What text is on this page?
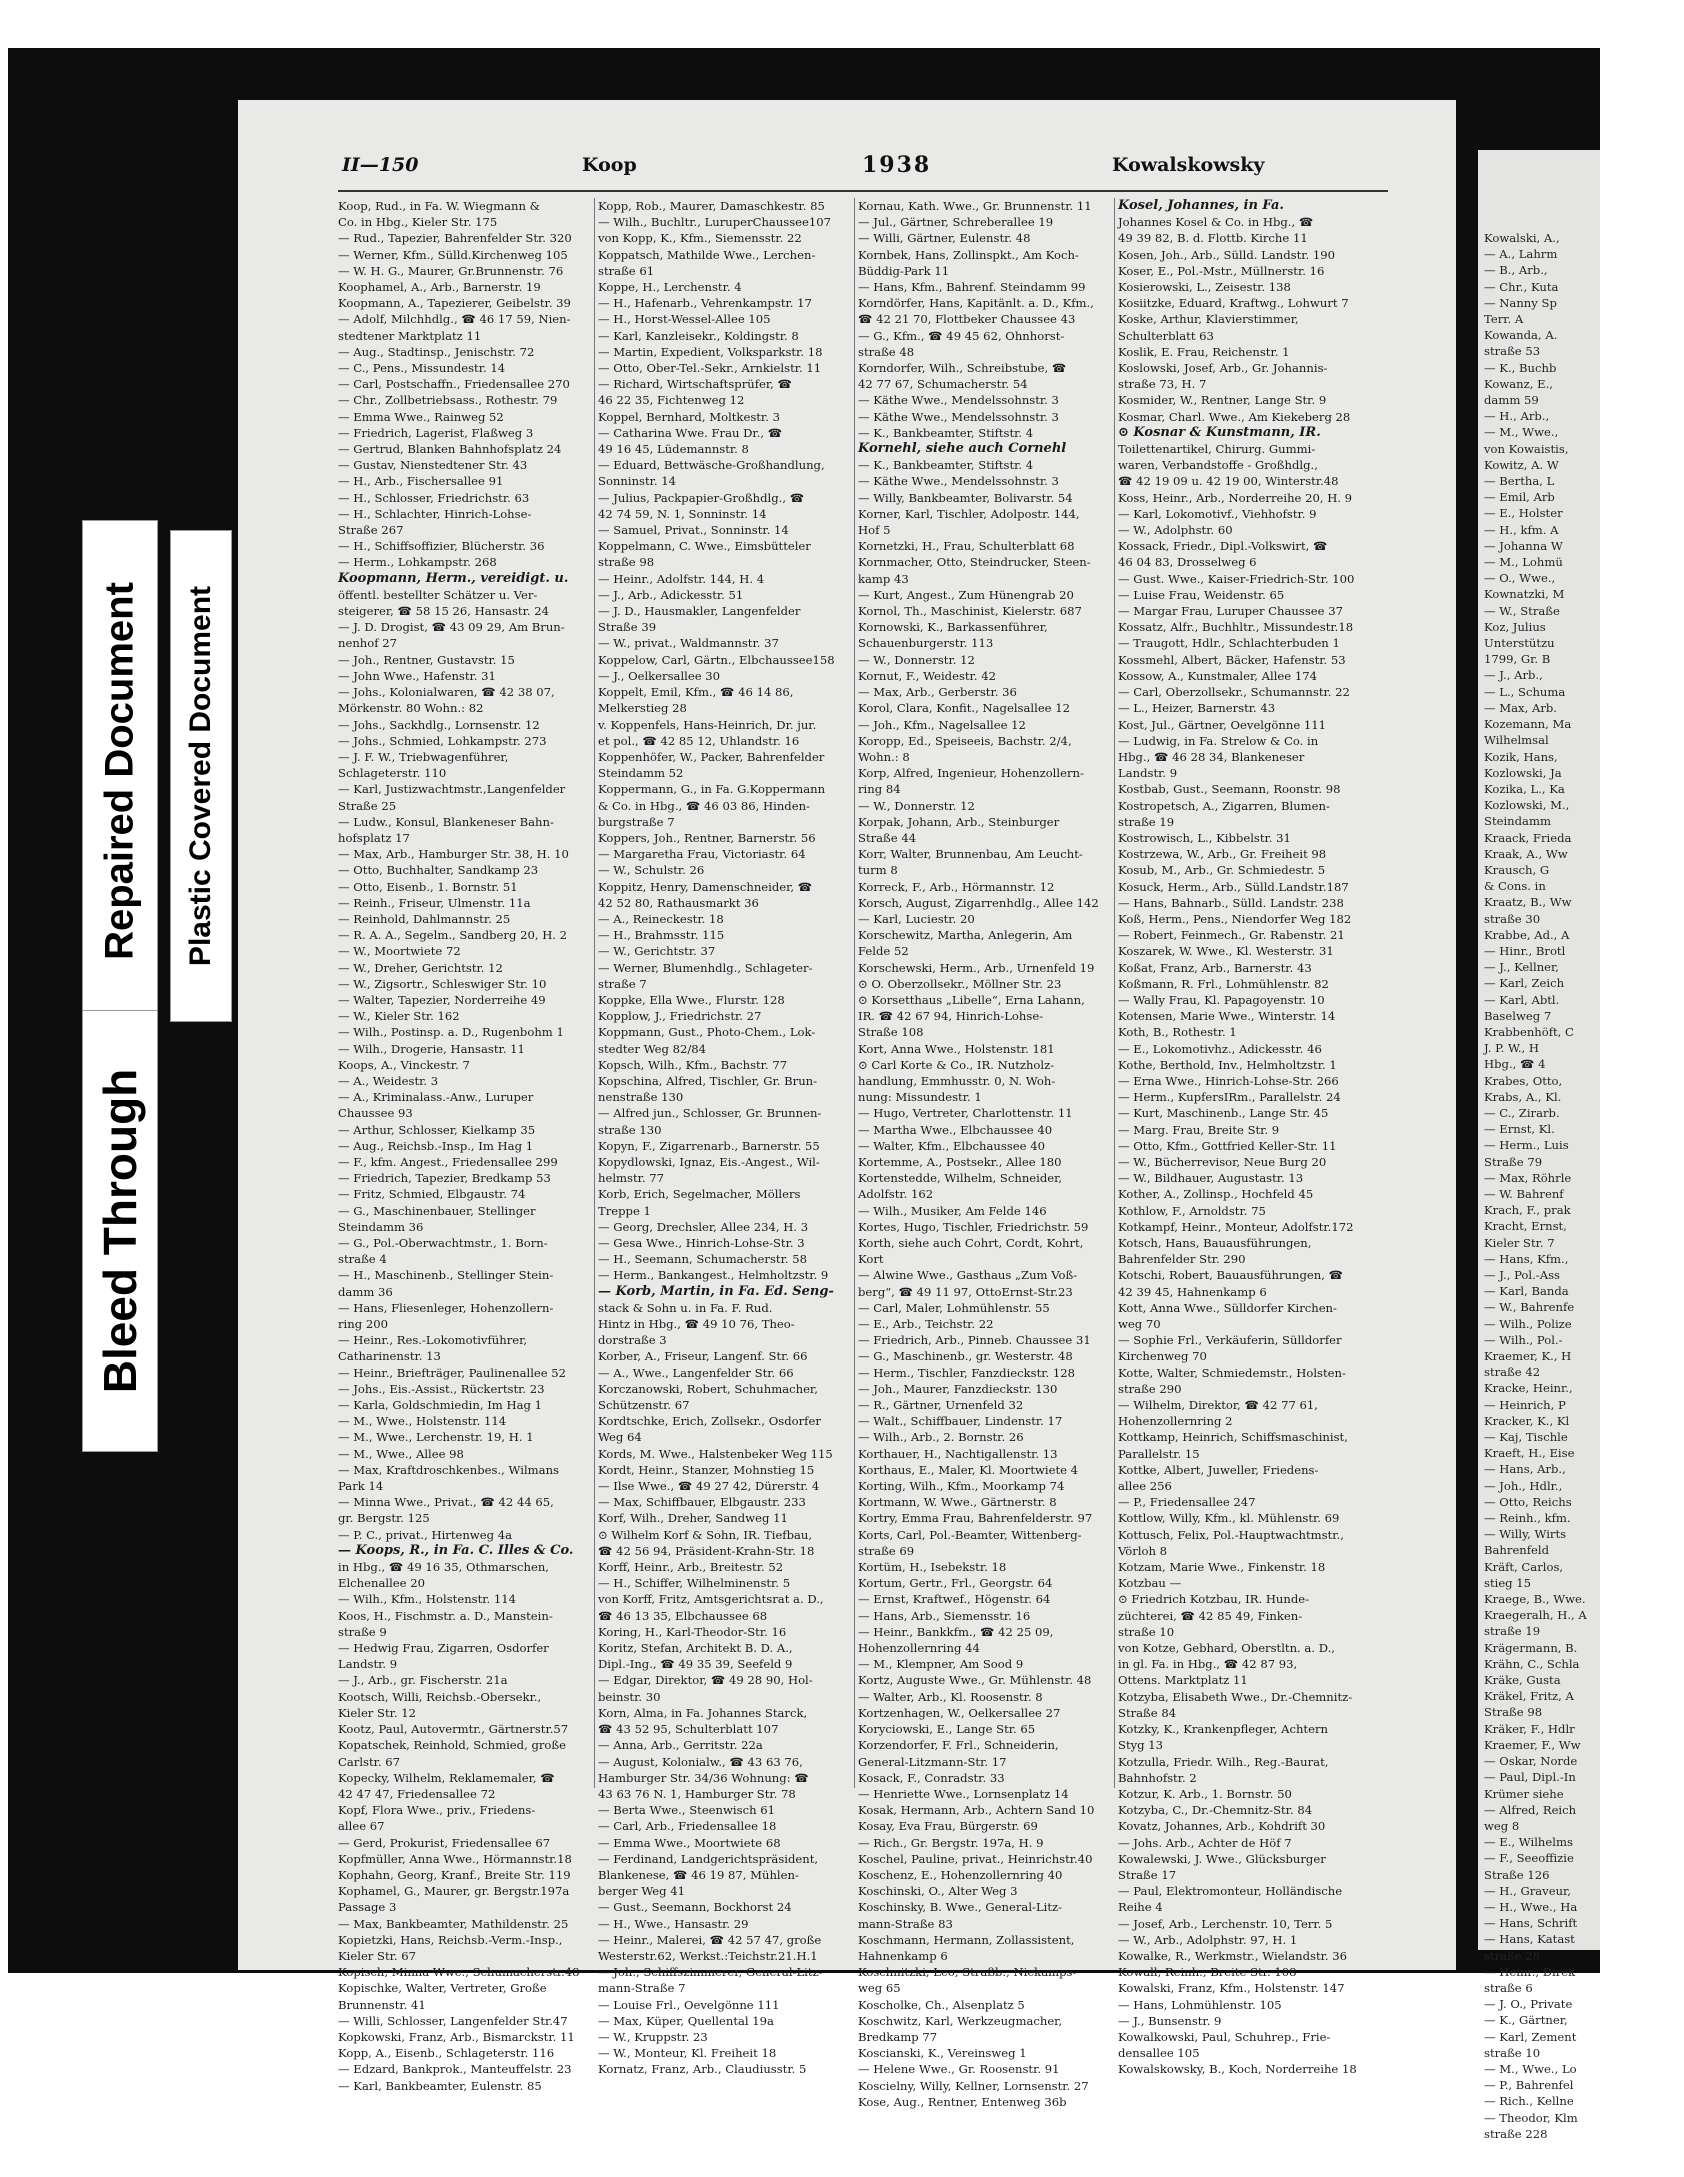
II—150	Koop	1938	Kowalskowsky
Koop, Rud., in Fa. W. Wiegmann &
Co. in Hbg., Kieler Str. 175
— Rud., Tapezier, Bahrenfelder Str. 320
— Werner, Kfm., Sülld.Kirchenweg 105
— W. H. G., Maurer, Gr.Brunnenstr. 76
Koophamel, A., Arb., Barnerstr. 19
Koopmann, A., Tapezierer, Geibelstr. 39
— Adolf, Milchhdlg., ☎ 46 17 59, Nien-
stedtener Marktplatz 11
— Aug., Stadtinsp., Jenischstr. 72
— C., Pens., Missundestr. 14
— Carl, Postschaffn., Friedensallee 270
— Chr., Zollbetriebsass., Rothestr. 79
— Emma Wwe., Rainweg 52
— Friedrich, Lagerist, Flaßweg 3
— Gertrud, Blanken Bahnhofsplatz 24
— Gustav, Nienstedtener Str. 43
— H., Arb., Fischersallee 91
— H., Schlosser, Friedrichstr. 63
— H., Schlachter, Hinrich-Lohse-
Straße 267
— H., Schiffsoffizier, Blücherstr. 36
— Herm., Lohkampstr. 268
Koopmann, Herm., vereidigt. u.
öffentl. bestellter Schätzer u. Ver-
steigerer, ☎ 58 15 26, Hansastr. 24
— J. D. Drogist, ☎ 43 09 29, Am Brun-
nenhof 27
— Joh., Rentner, Gustavstr. 15
— John Wwe., Hafenstr. 31
— Johs., Kolonialwaren, ☎ 42 38 07,
Mörkenstr. 80 Wohn.: 82
— Johs., Sackhdlg., Lornsenstr. 12
— Johs., Schmied, Lohkampstr. 273
— J. F. W., Triebwagenführer,
Schlageterstr. 110
— Karl, Justizwachtmstr.,Langenfelder
Straße 25
— Ludw., Konsul, Blankeneser Bahn-
hofsplatz 17
— Max, Arb., Hamburger Str. 38, H. 10
— Otto, Buchhalter, Sandkamp 23
— Otto, Eisenb., 1. Bornstr. 51
— Reinh., Friseur, Ulmenstr. 11a
— Reinhold, Dahlmannstr. 25
— R. A. A., Segelm., Sandberg 20, H. 2
— W., Moortwiete 72
— W., Dreher, Gerichtstr. 12
— W., Zigsortr., Schleswiger Str. 10
— Walter, Tapezier, Norderreihe 49
— W., Kieler Str. 162
— Wilh., Postinsp. a. D., Rugenbohm 1
— Wilh., Drogerie, Hansastr. 11
Koops, A., Vinckestr. 7
— A., Weidestr. 3
— A., Kriminalass.-Anw., Luruper
Chaussee 93
— Arthur, Schlosser, Kielkamp 35
— Aug., Reichsb.-Insp., Im Hag 1
— F., kfm. Angest., Friedensallee 299
— Friedrich, Tapezier, Bredkamp 53
— Fritz, Schmied, Elbgaustr. 74
— G., Maschinenbauer, Stellinger
Steindamm 36
— G., Pol.-Oberwachtmstr., 1. Born-
straße 4
— H., Maschinenb., Stellinger Stein-
damm 36
— Hans, Fliesenleger, Hohenzollern-
ring 200
— Heinr., Res.-Lokomotivführer,
Catharinenstr. 13
— Heinr., Briefträger, Paulinenallee 52
— Johs., Eis.-Assist., Rückertstr. 23
— Karla, Goldschmiedin, Im Hag 1
— M., Wwe., Holstenstr. 114
— M., Wwe., Lerchenstr. 19, H. 1
— M., Wwe., Allee 98
— Max, Kraftdroschkenbes., Wilmans
Park 14
— Minna Wwe., Privat., ☎ 42 44 65,
gr. Bergstr. 125
— P. C., privat., Hirtenweg 4a
— Koops, R., in Fa. C. Illes & Co.
in Hbg., ☎ 49 16 35, Othmarschen,
Elchenallee 20
— Wilh., Kfm., Holstenstr. 114
Koos, H., Fischmstr. a. D., Manstein-
straße 9
— Hedwig Frau, Zigarren, Osdorfer
Landstr. 9
— J., Arb., gr. Fischerstr. 21a
Kootsch, Willi, Reichsb.-Obersekr.,
Kieler Str. 12
Kootz, Paul, Autovermtr., Gärtnerstr.57
Kopatschek, Reinhold, Schmied, große
Carlstr. 67
Kopecky, Wilhelm, Reklamemaler, ☎
42 47 47, Friedensallee 72
Kopf, Flora Wwe., priv., Friedens-
allee 67
— Gerd, Prokurist, Friedensallee 67
Kopfmüller, Anna Wwe., Hörmannstr.18
Kophahn, Georg, Kranf., Breite Str. 119
Kophamel, G., Maurer, gr. Bergstr.197a
Passage 3
— Max, Bankbeamter, Mathildenstr. 25
Kopietzki, Hans, Reichsb.-Verm.-Insp.,
Kieler Str. 67
Kopisch, Minna Wwe., Schumacherstr.48
Kopischke, Walter, Vertreter, Große
Brunnenstr. 41
— Willi, Schlosser, Langenfelder Str.47
Kopkowski, Franz, Arb., Bismarckstr. 11
Kopp, A., Eisenb., Schlageterstr. 116
— Edzard, Bankprok., Manteuffelstr. 23
— Karl, Bankbeamter, Eulenstr. 85
Kopp, Rob., Maurer, Damaschkestr. 85
— Wilh., Buchltr., LuruperChaussee107
von Kopp, K., Kfm., Siemensstr. 22
Koppatsch, Mathilde Wwe., Lerchen-
straße 61
Koppe, H., Lerchenstr. 4
— H., Hafenarb., Vehrenkampstr. 17
— H., Horst-Wessel-Allee 105
— Karl, Kanzleisekr., Koldingstr. 8
— Martin, Expedient, Volksparkstr. 18
— Otto, Ober-Tel.-Sekr., Arnkielstr. 11
— Richard, Wirtschaftsprüfer, ☎
46 22 35, Fichtenweg 12
Koppel, Bernhard, Moltkestr. 3
— Catharina Wwe. Frau Dr., ☎
49 16 45, Lüdemannstr. 8
— Eduard, Bettwäsche-Großhandlung,
Sonninstr. 14
— Julius, Packpapier-Großhdlg., ☎
42 74 59, N. 1, Sonninstr. 14
— Samuel, Privat., Sonninstr. 14
Koppelmann, C. Wwe., Eimsbütteler
straße 98
— Heinr., Adolfstr. 144, H. 4
— J., Arb., Adickesstr. 51
— J. D., Hausmakler, Langenfelder
Straße 39
— W., privat., Waldmannstr. 37
Koppelow, Carl, Gärtn., Elbchaussee158
— J., Oelkersallee 30
Koppelt, Emil, Kfm., ☎ 46 14 86,
Melkerstieg 28
v. Koppenfels, Hans-Heinrich, Dr. jur.
et pol., ☎ 42 85 12, Uhlandstr. 16
Koppenhöfer, W., Packer, Bahrenfelder
Steindamm 52
Koppermann, G., in Fa. G.Koppermann
& Co. in Hbg., ☎ 46 03 86, Hinden-
burgstraße 7
Koppers, Joh., Rentner, Barnerstr. 56
— Margaretha Frau, Victoriastr. 64
— W., Schulstr. 26
Koppitz, Henry, Damenschneider, ☎
42 52 80, Rathausmarkt 36
— A., Reineckestr. 18
— H., Brahmsstr. 115
— W., Gerichtstr. 37
— Werner, Blumenhdlg., Schlageter-
straße 7
Koppke, Ella Wwe., Flurstr. 128
Kopplow, J., Friedrichstr. 27
Koppmann, Gust., Photo-Chem., Lok-
stedter Weg 82/84
Kopsch, Wilh., Kfm., Bachstr. 77
Kopschina, Alfred, Tischler, Gr. Brun-
nenstraße 130
— Alfred jun., Schlosser, Gr. Brunnen-
straße 130
Kopyn, F., Zigarrenarb., Barnerstr. 55
Kopydlowski, Ignaz, Eis.-Angest., Wil-
helmstr. 77
Korb, Erich, Segelmacher, Möllers
Treppe 1
— Georg, Drechsler, Allee 234, H. 3
— Gesa Wwe., Hinrich-Lohse-Str. 3
— H., Seemann, Schumacherstr. 58
— Herm., Bankangest., Helmholtzstr. 9
— Korb, Martin, in Fa. Ed. Seng-
stack & Sohn u. in Fa. F. Rud.
Hintz in Hbg., ☎ 49 10 76, Theo-
dorstraße 3
Korber, A., Friseur, Langenf. Str. 66
— A., Wwe., Langenfelder Str. 66
Korczanowski, Robert, Schuhmacher,
Schützenstr. 67
Kordtschke, Erich, Zollsekr., Osdorfer
Weg 64
Kords, M. Wwe., Halstenbeker Weg 115
Kordt, Heinr., Stanzer, Mohnstieg 15
— Ilse Wwe., ☎ 49 27 42, Dürerstr. 4
— Max, Schiffbauer, Elbgaustr. 233
Korf, Wilh., Dreher, Sandweg 11
⊙ Wilhelm Korf & Sohn, IR. Tiefbau,
☎ 42 56 94, Präsident-Krahn-Str. 18
Korff, Heinr., Arb., Breitestr. 52
— H., Schiffer, Wilhelminenstr. 5
von Korff, Fritz, Amtsgerichtsrat a. D.,
☎ 46 13 35, Elbchaussee 68
Koring, H., Karl-Theodor-Str. 16
Koritz, Stefan, Architekt B. D. A.,
Dipl.-Ing., ☎ 49 35 39, Seefeld 9
— Edgar, Direktor, ☎ 49 28 90, Hol-
beinstr. 30
Korn, Alma, in Fa. Johannes Starck,
☎ 43 52 95, Schulterblatt 107
— Anna, Arb., Gerritstr. 22a
— August, Kolonialw., ☎ 43 63 76,
Hamburger Str. 34/36 Wohnung: ☎
43 63 76 N. 1, Hamburger Str. 78
— Berta Wwe., Steenwisch 61
— Carl, Arb., Friedensallee 18
— Emma Wwe., Moortwiete 68
— Ferdinand, Landgerichtspräsident,
Blankenese, ☎ 46 19 87, Mühlen-
berger Weg 41
— Gust., Seemann, Bockhorst 24
— H., Wwe., Hansastr. 29
— Heinr., Malerei, ☎ 42 57 47, große
Westerstr.62, Werkst.:Teichstr.21.H.1
— Joh., Schiffszimmerer, General-Litz-
mann-Straße 7
— Louise Frl., Oevelgönne 111
— Max, Küper, Quellental 19a
— W., Kruppstr. 23
— W., Monteur, Kl. Freiheit 18
Kornatz, Franz, Arb., Claudiusstr. 5
Kornau, Kath. Wwe., Gr. Brunnenstr. 11
— Jul., Gärtner, Schreberallee 19
— Willi, Gärtner, Eulenstr. 48
Kornbek, Hans, Zollinspkt., Am Koch-
Büddig-Park 11
— Hans, Kfm., Bahrenf. Steindamm 99
Korndörfer, Hans, Kapitänlt. a. D., Kfm.,
☎ 42 21 70, Flottbeker Chaussee 43
— G., Kfm., ☎ 49 45 62, Ohnhorst-
straße 48
Korndorfer, Wilh., Schreibstube, ☎
42 77 67, Schumacherstr. 54
— Käthe Wwe., Mendelssohnstr. 3
— Käthe Wwe., Mendelssohnstr. 3
— K., Bankbeamter, Stiftstr. 4
Kornehl, siehe auch Cornehl
— K., Bankbeamter, Stiftstr. 4
— Käthe Wwe., Mendelssohnstr. 3
— Willy, Bankbeamter, Bolivarstr. 54
Korner, Karl, Tischler, Adolpostr. 144,
Hof 5
Kornetzki, H., Frau, Schulterblatt 68
Kornmacher, Otto, Steindrucker, Steen-
kamp 43
— Kurt, Angest., Zum Hünengrab 20
Kornol, Th., Maschinist, Kielerstr. 687
Kornowski, K., Barkassenführer,
Schauenburgerstr. 113
— W., Donnerstr. 12
Kornut, F., Weidestr. 42
— Max, Arb., Gerberstr. 36
Korol, Clara, Konfit., Nagelsallee 12
— Joh., Kfm., Nagelsallee 12
Koropp, Ed., Speiseeis, Bachstr. 2/4,
Wohn.: 8
Korp, Alfred, Ingenieur, Hohenzollern-
ring 84
— W., Donnerstr. 12
Korpak, Johann, Arb., Steinburger
Straße 44
Korr, Walter, Brunnenbau, Am Leucht-
turm 8
Korreck, F., Arb., Hörmannstr. 12
Korsch, August, Zigarrenhdlg., Allee 142
— Karl, Luciestr. 20
Korschewitz, Martha, Anlegerin, Am
Felde 52
Korschewski, Herm., Arb., Urnenfeld 19
⊙ O. Oberzollsekr., Möllner Str. 23
⊙ Korsetthaus „Libelle“, Erna Lahann,
IR. ☎ 42 67 94, Hinrich-Lohse-
Straße 108
Kort, Anna Wwe., Holstenstr. 181
⊙ Carl Korte & Co., IR. Nutzholz-
handlung, Emmhusstr. 0, N. Woh-
nung: Missundestr. 1
— Hugo, Vertreter, Charlottenstr. 11
— Martha Wwe., Elbchaussee 40
— Walter, Kfm., Elbchaussee 40
Kortemme, A., Postsekr., Allee 180
Kortenstedde, Wilhelm, Schneider,
Adolfstr. 162
— Wilh., Musiker, Am Felde 146
Kortes, Hugo, Tischler, Friedrichstr. 59
Korth, siehe auch Cohrt, Cordt, Kohrt,
Kort
— Alwine Wwe., Gasthaus „Zum Voß-
berg“, ☎ 49 11 97, OttoErnst-Str.23
— Carl, Maler, Lohmühlenstr. 55
— E., Arb., Teichstr. 22
— Friedrich, Arb., Pinneb. Chaussee 31
— G., Maschinenb., gr. Westerstr. 48
— Herm., Tischler, Fanzdieckstr. 128
— Joh., Maurer, Fanzdieckstr. 130
— R., Gärtner, Urnenfeld 32
— Walt., Schiffbauer, Lindenstr. 17
— Wilh., Arb., 2. Bornstr. 26
Korthauer, H., Nachtigallenstr. 13
Korthaus, E., Maler, Kl. Moortwiete 4
Korting, Wilh., Kfm., Moorkamp 74
Kortmann, W. Wwe., Gärtnerstr. 8
Kortry, Emma Frau, Bahrenfelderstr. 97
Korts, Carl, Pol.-Beamter, Wittenberg-
straße 69
Kortüm, H., Isebekstr. 18
Kortum, Gertr., Frl., Georgstr. 64
— Ernst, Kraftwef., Högenstr. 64
— Hans, Arb., Siemensstr. 16
— Heinr., Bankkfm., ☎ 42 25 09,
Hohenzollernring 44
— M., Klempner, Am Sood 9
Kortz, Auguste Wwe., Gr. Mühlenstr. 48
— Walter, Arb., Kl. Roosenstr. 8
Kortzenhagen, W., Oelkersallee 27
Koryciowski, E., Lange Str. 65
Korzendorfer, F. Frl., Schneiderin,
General-Litzmann-Str. 17
Kosack, F., Conradstr. 33
— Henriette Wwe., Lornsenplatz 14
Kosak, Hermann, Arb., Achtern Sand 10
Kosay, Eva Frau, Bürgerstr. 69
— Rich., Gr. Bergstr. 197a, H. 9
Koschel, Pauline, privat., Heinrichstr.40
Koschenz, E., Hohenzollernring 40
Koschinski, O., Alter Weg 3
Koschinsky, B. Wwe., General-Litz-
mann-Straße 83
Koschmann, Hermann, Zollassistent,
Hahnenkamp 6
Koschnitzki, Leo, Straßb., Niekamps-
weg 65
Koscholke, Ch., Alsenplatz 5
Koschwitz, Karl, Werkzeugmacher,
Bredkamp 77
Koscianski, K., Vereinsweg 1
— Helene Wwe., Gr. Roosenstr. 91
Koscielny, Willy, Kellner, Lornsenstr. 27
Kose, Aug., Rentner, Entenweg 36b
Kosel, Johannes, in Fa.
Johannes Kosel & Co. in Hbg., ☎
49 39 82, B. d. Flottb. Kirche 11
Kosen, Joh., Arb., Sülld. Landstr. 190
Koser, E., Pol.-Mstr., Müllnerstr. 16
Kosierowski, L., Zeisestr. 138
Kosiitzke, Eduard, Kraftwg., Lohwurt 7
Koske, Arthur, Klavierstimmer,
Schulterblatt 63
Koslik, E. Frau, Reichenstr. 1
Koslowski, Josef, Arb., Gr. Johannis-
straße 73, H. 7
Kosmider, W., Rentner, Lange Str. 9
Kosmar, Charl. Wwe., Am Kiekeberg 28
⊙ Kosnar & Kunstmann, IR.
Toilettenartikel, Chirurg. Gummi-
waren, Verbandstoffe - Großhdlg.,
☎ 42 19 09 u. 42 19 00, Winterstr.48
Koss, Heinr., Arb., Norderreihe 20, H. 9
— Karl, Lokomotivf., Viehhofstr. 9
— W., Adolphstr. 60
Kossack, Friedr., Dipl.-Volkswirt, ☎
46 04 83, Drosselweg 6
— Gust. Wwe., Kaiser-Friedrich-Str. 100
— Luise Frau, Weidenstr. 65
— Margar Frau, Luruper Chaussee 37
Kossatz, Alfr., Buchhltr., Missundestr.18
— Traugott, Hdlr., Schlachterbuden 1
Kossmehl, Albert, Bäcker, Hafenstr. 53
Kossow, A., Kunstmaler, Allee 174
— Carl, Oberzollsekr., Schumannstr. 22
— L., Heizer, Barnerstr. 43
Kost, Jul., Gärtner, Oevelgönne 111
— Ludwig, in Fa. Strelow & Co. in
Hbg., ☎ 46 28 34, Blankeneser
Landstr. 9
Kostbab, Gust., Seemann, Roonstr. 98
Kostropetsch, A., Zigarren, Blumen-
straße 19
Kostrowisch, L., Kibbelstr. 31
Kostrzewa, W., Arb., Gr. Freiheit 98
Kosub, M., Arb., Gr. Schmiedestr. 5
Kosuck, Herm., Arb., Sülld.Landstr.187
— Hans, Bahnarb., Sülld. Landstr. 238
Koß, Herm., Pens., Niendorfer Weg 182
— Robert, Feinmech., Gr. Rabenstr. 21
Koszarek, W. Wwe., Kl. Westerstr. 31
Koßat, Franz, Arb., Barnerstr. 43
Koßmann, R. Frl., Lohmühlenstr. 82
— Wally Frau, Kl. Papagoyenstr. 10
Kotensen, Marie Wwe., Winterstr. 14
Koth, B., Rothestr. 1
— E., Lokomotivhz., Adickesstr. 46
Kothe, Berthold, Inv., Helmholtzstr. 1
— Erna Wwe., Hinrich-Lohse-Str. 266
— Herm., KupfersIRm., Parallelstr. 24
— Kurt, Maschinenb., Lange Str. 45
— Marg. Frau, Breite Str. 9
— Otto, Kfm., Gottfried Keller-Str. 11
— W., Bücherrevisor, Neue Burg 20
— W., Bildhauer, Augustastr. 13
Kother, A., Zollinsp., Hochfeld 45
Kothlow, F., Arnoldstr. 75
Kotkampf, Heinr., Monteur, Adolfstr.172
Kotsch, Hans, Bauausführungen,
Bahrenfelder Str. 290
Kotschi, Robert, Bauausführungen, ☎
42 39 45, Hahnenkamp 6
Kott, Anna Wwe., Sülldorfer Kirchen-
weg 70
— Sophie Frl., Verkäuferin, Sülldorfer
Kirchenweg 70
Kotte, Walter, Schmiedemstr., Holsten-
straße 290
— Wilhelm, Direktor, ☎ 42 77 61,
Hohenzollernring 2
Kottkamp, Heinrich, Schiffsmaschinist,
Parallelstr. 15
Kottke, Albert, Juweller, Friedens-
allee 256
— P., Friedensallee 247
Kottlow, Willy, Kfm., kl. Mühlenstr. 69
Kottusch, Felix, Pol.-Hauptwachtmstr.,
Vörloh 8
Kotzam, Marie Wwe., Finkenstr. 18
Kotzbau —
⊙ Friedrich Kotzbau, IR. Hunde-
züchterei, ☎ 42 85 49, Finken-
straße 10
von Kotze, Gebhard, Oberstltn. a. D.,
in gl. Fa. in Hbg., ☎ 42 87 93,
Ottens. Marktplatz 11
Kotzyba, Elisabeth Wwe., Dr.-Chemnitz-
Straße 84
Kotzky, K., Krankenpfleger, Achtern
Styg 13
Kotzulla, Friedr. Wilh., Reg.-Baurat,
Bahnhofstr. 2
Kotzur, K. Arb., 1. Bornstr. 50
Kotzyba, C., Dr.-Chemnitz-Str. 84
Kovatz, Johannes, Arb., Kohdrift 30
— Johs. Arb., Achter de Höf 7
Kowalewski, J. Wwe., Glücksburger
Straße 17
— Paul, Elektromonteur, Holländische
Reihe 4
— Josef, Arb., Lerchenstr. 10, Terr. 5
— W., Arb., Adolphstr. 97, H. 1
Kowalke, R., Werkmstr., Wielandstr. 36
Kowall, Reinh., Breite Str. 108
Kowalski, Franz, Kfm., Holstenstr. 147
— Hans, Lohmühlenstr. 105
— J., Bunsenstr. 9
Kowalkowski, Paul, Schuhrep., Frie-
densallee 105
Kowalskowsky, B., Koch, Norderreihe 18
Kowalski, A.,
— A., Lahrm
— B., Arb.,
— Chr., Kuta
— Nanny Sp
Terr. A
Kowanda, A.
straße 53
— K., Buchb
Kowanz, E.,
damm 59
— H., Arb.,
— M., Wwe.,
von Kowaistis,
Kowitz, A. W
— Bertha, L
— Emil, Arb
— E., Holster
— H., kfm. A
— Johanna W
— M., Lohmü
— O., Wwe.,
Kownatzki, M
— W., Straße
Koz, Julius
Unterstützu
1799, Gr. B
— J., Arb.,
— L., Schuma
— Max, Arb.
Kozemann, Ma
Wilhelmsal
Kozik, Hans,
Kozlowski, Ja
Kozika, L., Ka
Kozlowski, M.,
Steindamm
Kraack, Frieda
Kraak, A., Ww
Krausch, G
& Cons. in
Kraatz, B., Ww
straße 30
Krabbe, Ad., A
— Hinr., Brotl
— J., Kellner,
— Karl, Zeich
— Karl, Abtl.
Baselweg 7
Krabbenhöft, C
J. P. W., H
Hbg., ☎ 4
Krabes, Otto,
Krabs, A., Kl.
— C., Zirarb.
— Ernst, Kl.
— Herm., Luis
Straße 79
— Max, Röhrle
— W. Bahrenf
Krach, F., prak
Kracht, Ernst,
Kieler Str. 7
— Hans, Kfm.,
— J., Pol.-Ass
— Karl, Banda
— W., Bahrenfe
— Wilh., Polize
— Wilh., Pol.-
Kraemer, K., H
straße 42
Kracke, Heinr.,
— Heinrich, P
Kracker, K., Kl
— Kaj, Tischle
Kraeft, H., Eise
— Hans, Arb.,
— Joh., Hdlr.,
— Otto, Reichs
— Reinh., kfm.
— Willy, Wirts
Bahrenfeld
Kräft, Carlos,
stieg 15
Kraege, B., Wwe.
Kraegeralh, H., A
straße 19
Krägermann, B.
Krähn, C., Schla
Kräke, Gusta
Kräkel, Fritz, A
Straße 98
Kräker, F., Hdlr
Kraemer, F., Ww
— Oskar, Norde
— Paul, Dipl.-In
Krümer siehe
— Alfred, Reich
weg 8
— E., Wilhelms
— F., Seeoffizie
Straße 126
— H., Graveur,
— H., Wwe., Ha
— Hans, Schrift
— Hans, Katast
straße 28
— Heinr., Direk
straße 6
— J. O., Private
— K., Gärtner,
— Karl, Zement
straße 10
— M., Wwe., Lo
— P., Bahrenfel
— Rich., Kellne
— Theodor, Klm
straße 228
Repaired Document Plastic Covered Document
Bleed Through
